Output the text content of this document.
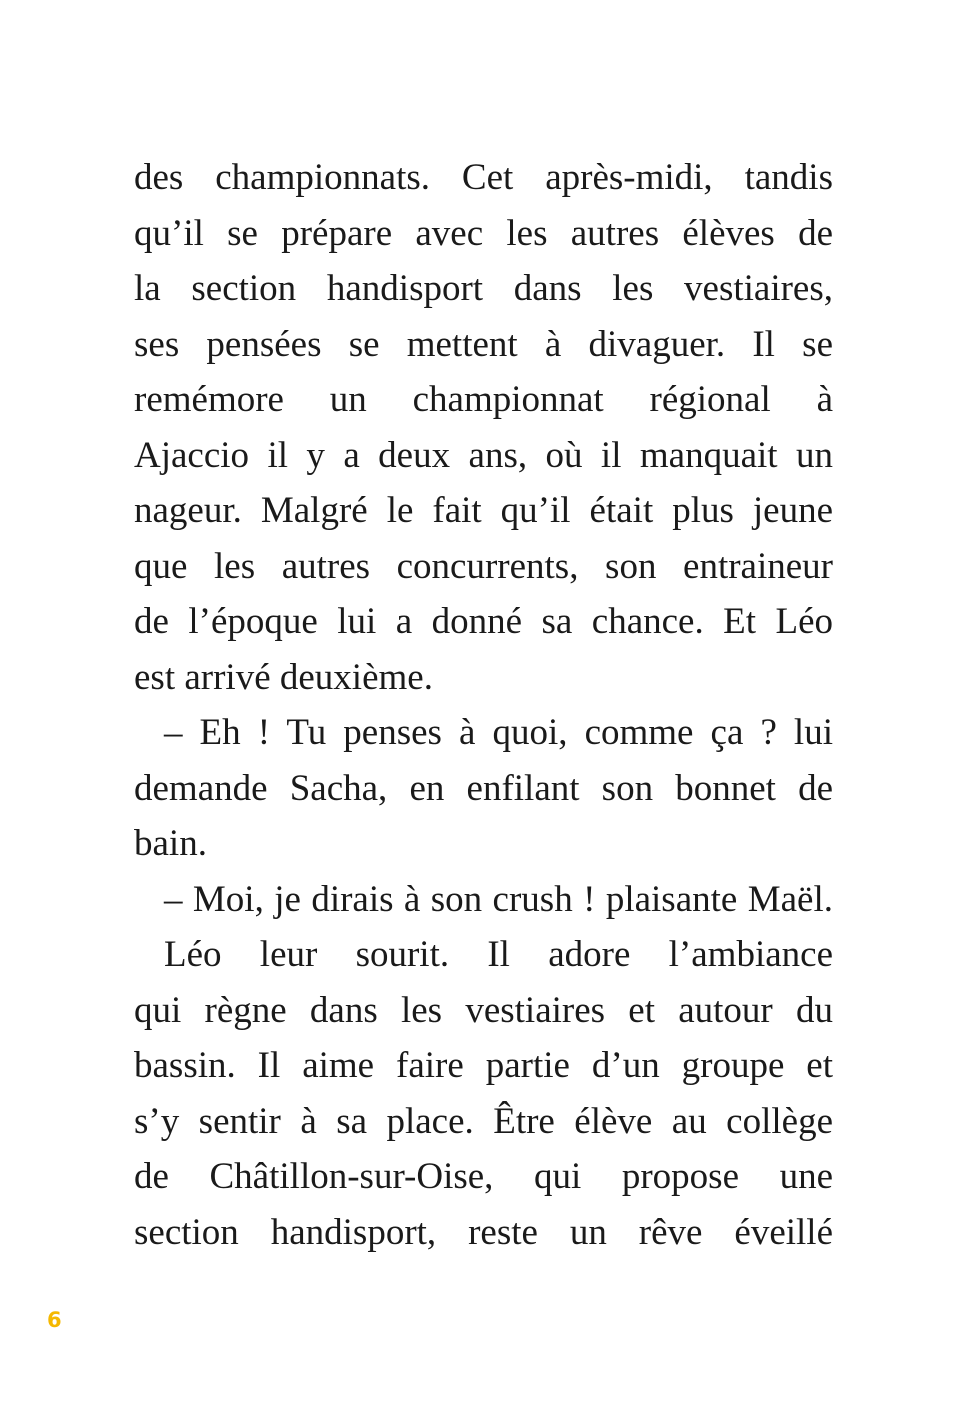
des championnats. Cet après-midi, tandis
qu’il se prépare avec les autres élèves de
la section handisport dans les vestiaires,
ses pensées se mettent à divaguer. Il se
remémore un championnat régional à
Ajaccio il y a deux ans, où il manquait un
nageur. Malgré le fait qu’il était plus jeune
que les autres concurrents, son entraineur
de l’époque lui a donné sa chance. Et Léo
est arrivé deuxième.
– Eh ! Tu penses à quoi, comme ça ? lui
demande Sacha, en enfilant son bonnet de
bain.
– Moi, je dirais à son crush ! plaisante Maël.
Léo leur sourit. Il adore l’ambiance
qui règne dans les vestiaires et autour du
bassin. Il aime faire partie d’un groupe et
s’y sentir à sa place. Être élève au collège
de Châtillon-sur-Oise, qui propose une
section handisport, reste un rêve éveillé
6
